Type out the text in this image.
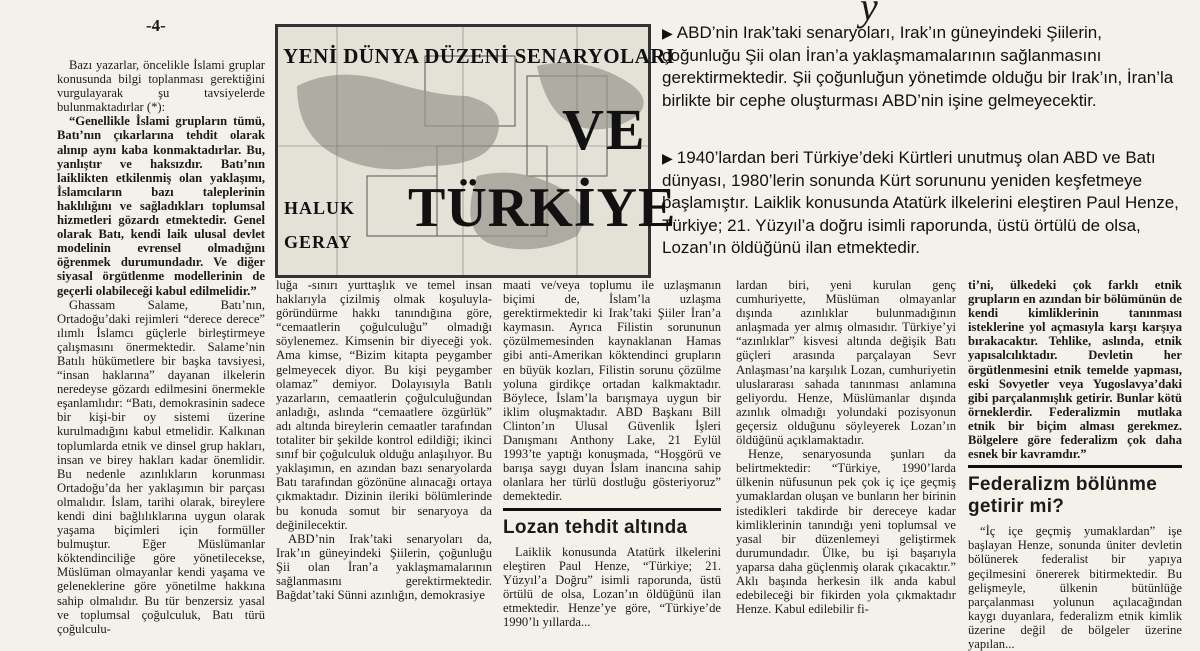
-4-	y
YENİ DÜNYA DÜZENİ SENARYOLARI
VE
TÜRKİYE
HALUK
GERAY
▶ ABD’nin Irak’taki senaryoları, Irak’ın güneyindeki Şiilerin, çoğunluğu Şii olan İran’a yaklaşmamalarının sağlanmasını gerektirmektedir. Şii çoğunluğun yönetimde olduğu bir Irak’ın, İran’la birlikte bir cephe oluşturması ABD’nin işine gelmeyecektir.
▶ 1940’lardan beri Türkiye’deki Kürtleri unutmuş olan ABD ve Batı dünyası, 1980’lerin sonunda Kürt sorununu yeniden keşfetmeye başlamıştır. Laiklik konusunda Atatürk ilkelerini eleştiren Paul Henze, Türkiye; 21. Yüzyıl’a doğru isimli raporunda, üstü örtülü de olsa, Lozan’ın öldüğünü ilan etmektedir.

Bazı yazarlar, öncelikle İslami gruplar konusunda bilgi toplanması gerektiğini vurgulayarak şu tavsiyelerde bulunmaktadırlar (*):

“Genellikle İslami grupların tümü, Batı’nın çıkarlarına tehdit olarak alınıp aynı kaba konmaktadırlar. Bu, yanlıştır ve haksızdır. Batı’nın laiklikten etkilenmiş olan yaklaşımı, İslamcıların bazı taleplerinin haklılığını ve sağladıkları toplumsal hizmetleri gözardı etmektedir. Genel olarak Batı, kendi laik ulusal devlet modelinin evrensel olmadığını öğrenmek durumundadır. Ve diğer siyasal örgütlenme modellerinin de geçerli olabileceği kabul edilmelidir.”

Ghassam Salame, Batı’nın, Ortadoğu’daki rejimleri “derece derece” ılımlı İslamcı güçlerle birleştirmeye çalışmasını önermektedir. Salame’nin Batılı hükümetlere bir başka tavsiyesi, “insan haklarına” dayanan ilkelerin neredeyse gözardı edilmesini önermekle eşanlamlıdır: “Batı, demokrasinin sadece bir kişi-bir oy sistemi üzerine kurulmadığını kabul etmelidir. Kalkınan toplumlarda etnik ve dinsel grup hakları, insan ve birey hakları kadar önemlidir. Bu nedenle azınlıkların korunması Ortadoğu’da her yaklaşımın bir parçası olmalıdır. İslam, tarihi olarak, bireylere kendi dini bağlılıklarına uygun olarak yaşama biçimleri için formüller bulmuştur. Eğer Müslümanlar köktendinciliğe göre yönetilecekse, Müslüman olmayanlar kendi yaşama ve geleneklerine göre yönetilme hakkına sahip olmalıdır. Bu tür benzersiz yasal ve toplumsal çoğulculuk, Batı türü çoğulculu-

luğa -sınırı yurttaşlık ve temel insan haklarıyla çizilmiş olmak koşuluyla- göründürme hakkı tanındığına göre, “cemaatlerin çoğulculuğu” olmadığı söylenemez. Kimsenin bir diyeceği yok. Ama kimse, “Bizim kitapta peygamber gelmeyecek diyor. Bu kişi peygamber olamaz” demiyor. Dolayısıyla Batılı yazarların, cemaatlerin çoğulculuğundan anladığı, aslında “cemaatlere özgürlük” adı altında bireylerin cemaatler tarafından totaliter bir şekilde kontrol edildiği; ikinci sınıf bir çoğulculuk olduğu anlaşılıyor. Bu yaklaşımın, en azından bazı senaryolarda Batı tarafından gözönüne alınacağı ortaya çıkmaktadır. Dizinin ileriki bölümlerinde bu konuda somut bir senaryoya da değinilecektir.

ABD’nin Irak’taki senaryoları da, Irak’ın güneyindeki Şiilerin, çoğunluğu Şii olan İran’a yaklaşmamalarının sağlanmasını gerektirmektedir. Bağdat’taki Sünni azınlığın, demokrasiye

maati ve/veya toplumu ile uzlaşmanın biçimi de, İslam’la uzlaşma gerektirmektedir ki Irak’taki Şiiler İran’a kaymasın. Ayrıca Filistin sorununun çözülmemesinden kaynaklanan Hamas gibi anti-Amerikan köktendinci grupların en büyük kozları, Filistin sorunu çözülme yoluna girdikçe ortadan kalkmaktadır. Böylece, İslam’la barışmaya uygun bir iklim oluşmaktadır. ABD Başkanı Bill Clinton’ın Ulusal Güvenlik İşleri Danışmanı Anthony Lake, 21 Eylül 1993’te yaptığı konuşmada, “Hoşgörü ve barışa saygı duyan İslam inancına sahip olanlara her türlü dostluğu gösteriyoruz” demektedir.

Lozan tehdit altında

Laiklik konusunda Atatürk ilkelerini eleştiren Paul Henze, “Türkiye; 21. Yüzyıl’a Doğru” isimli raporunda, üstü örtülü de olsa, Lozan’ın öldüğünü ilan etmektedir. Henze’ye göre, “Türkiye’de 1990’lı yıllarda...

lardan biri, yeni kurulan genç cumhuriyette, Müslüman olmayanlar dışında azınlıklar bulunmadığının anlaşmada yer almış olmasıdır. Türkiye’yi “azınlıklar” kisvesi altında değişik Batı güçleri arasında parçalayan Sevr Anlaşması’na karşılık Lozan, cumhuriyetin uluslararası sahada tanınması anlamına geliyordu. Henze, Müslümanlar dışında azınlık olmadığı yolundaki pozisyonun geçersiz olduğunu söyleyerek Lozan’ın öldüğünü açıklamaktadır.

Henze, senaryosunda şunları da belirtmektedir: “Türkiye, 1990’larda ülkenin nüfusunun pek çok iç içe geçmiş yumaklardan oluşan ve bunların her birinin istedikleri takdirde bir dereceye kadar kimliklerinin tanındığı yeni toplumsal ve yasal bir düzenlemeyi geliştirmek durumundadır. Ülke, bu işi başarıyla yaparsa daha güçlenmiş olarak çıkacaktır.” Aklı başında herkesin ilk anda kabul edebileceği bir fikirden yola çıkmaktadır Henze. Kabul edilebilir fi-

ti’ni, ülkedeki çok farklı etnik grupların en azından bir bölümünün de kendi kimliklerinin tanınması isteklerine yol açmasıyla karşı karşıya bırakacaktır. Tehlike, aslında, etnik yapısalcılıktadır. Devletin her örgütlenmesini etnik temelde yapması, eski Sovyetler veya Yugoslavya’daki gibi parçalanmışlık getirir. Bunlar kötü örneklerdir. Federalizmin mutlaka etnik bir biçim alması gerekmez. Bölgelere göre federalizm çok daha esnek bir kavramdır.”

Federalizm bölünme getirir mi?

“İç içe geçmiş yumaklardan” işe başlayan Henze, sonunda üniter devletin bölünerek federalist bir yapıya geçilmesini önererek bitirmektedir. Bu gelişmeyle, ülkenin bütünlüğe parçalanması yolunun açılacağından kaygı duyanlara, federalizm etnik kimlik üzerine değil de bölgeler üzerine yapılan...
